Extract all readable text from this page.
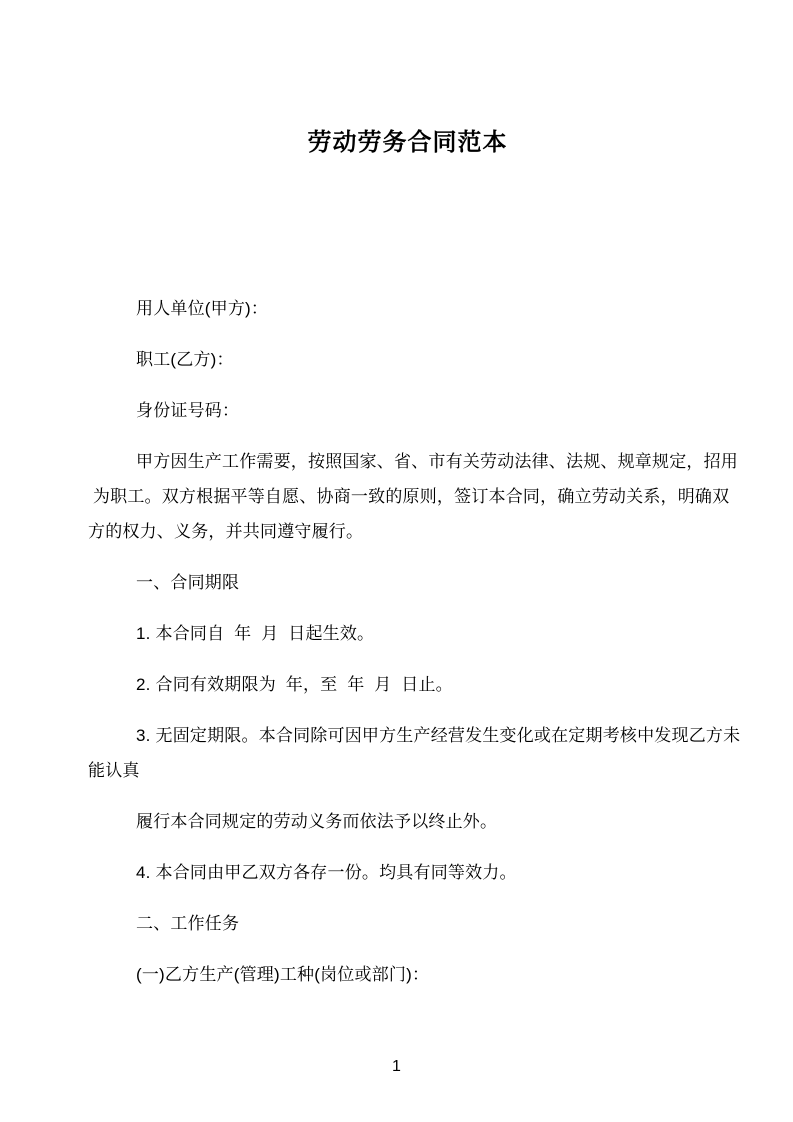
劳动劳务合同范本

用人单位(甲方)：

职工(乙方)：

身份证号码：

甲方因生产工作需要，按照国家、省、市有关劳动法律、法规、规章规定，招用

为职工。双方根据平等自愿、协商一致的原则，签订本合同，确立劳动关系，明确双

方的权力、义务，并共同遵守履行。

一、合同期限

1. 本合同自  年  月  日起生效。

2. 合同有效期限为  年，至  年  月  日止。

3. 无固定期限。本合同除可因甲方生产经营发生变化或在定期考核中发现乙方未

能认真

履行本合同规定的劳动义务而依法予以终止外。

4. 本合同由甲乙双方各存一份。均具有同等效力。

二、工作任务

(一)乙方生产(管理)工种(岗位或部门)：

1
